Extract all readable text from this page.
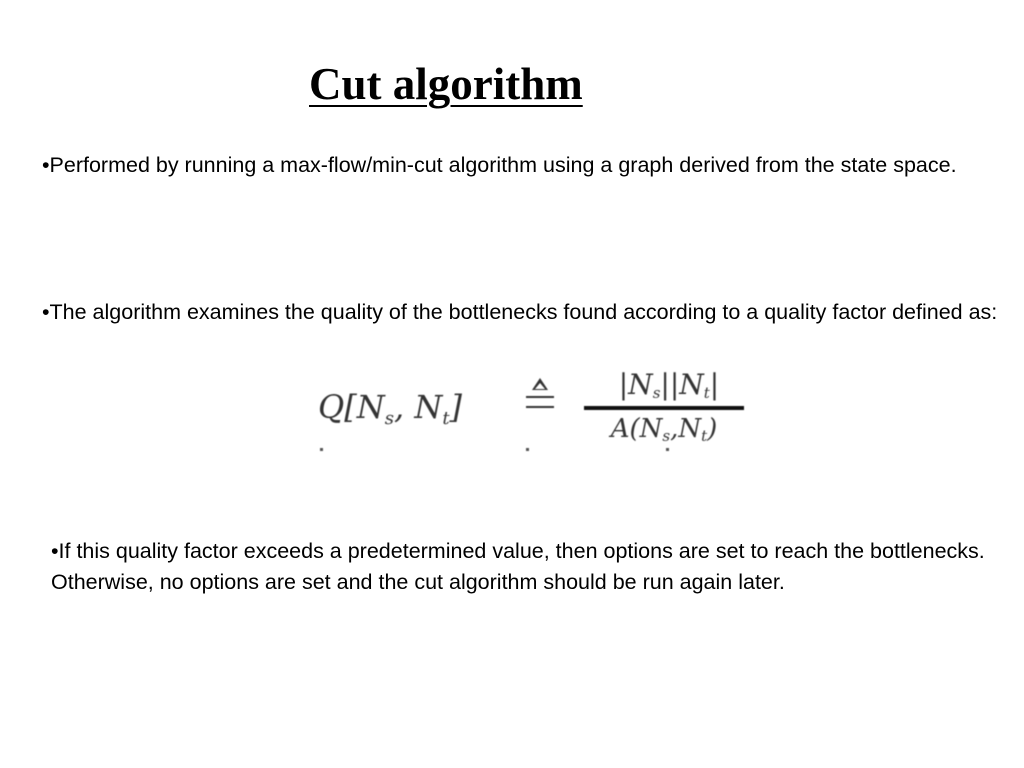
Cut algorithm

•Performed by running a max-flow/min-cut algorithm using a graph derived from the state space.

•The algorithm examines the quality of the bottlenecks found according to a quality factor defined as:

$Q[N_s$, $N_t$]
$|N_s||N_t|$
$A(N_s,N_t)$

•If this quality factor exceeds a predetermined value, then options are set to reach the bottlenecks. Otherwise, no options are set and the cut algorithm should be run again later.
